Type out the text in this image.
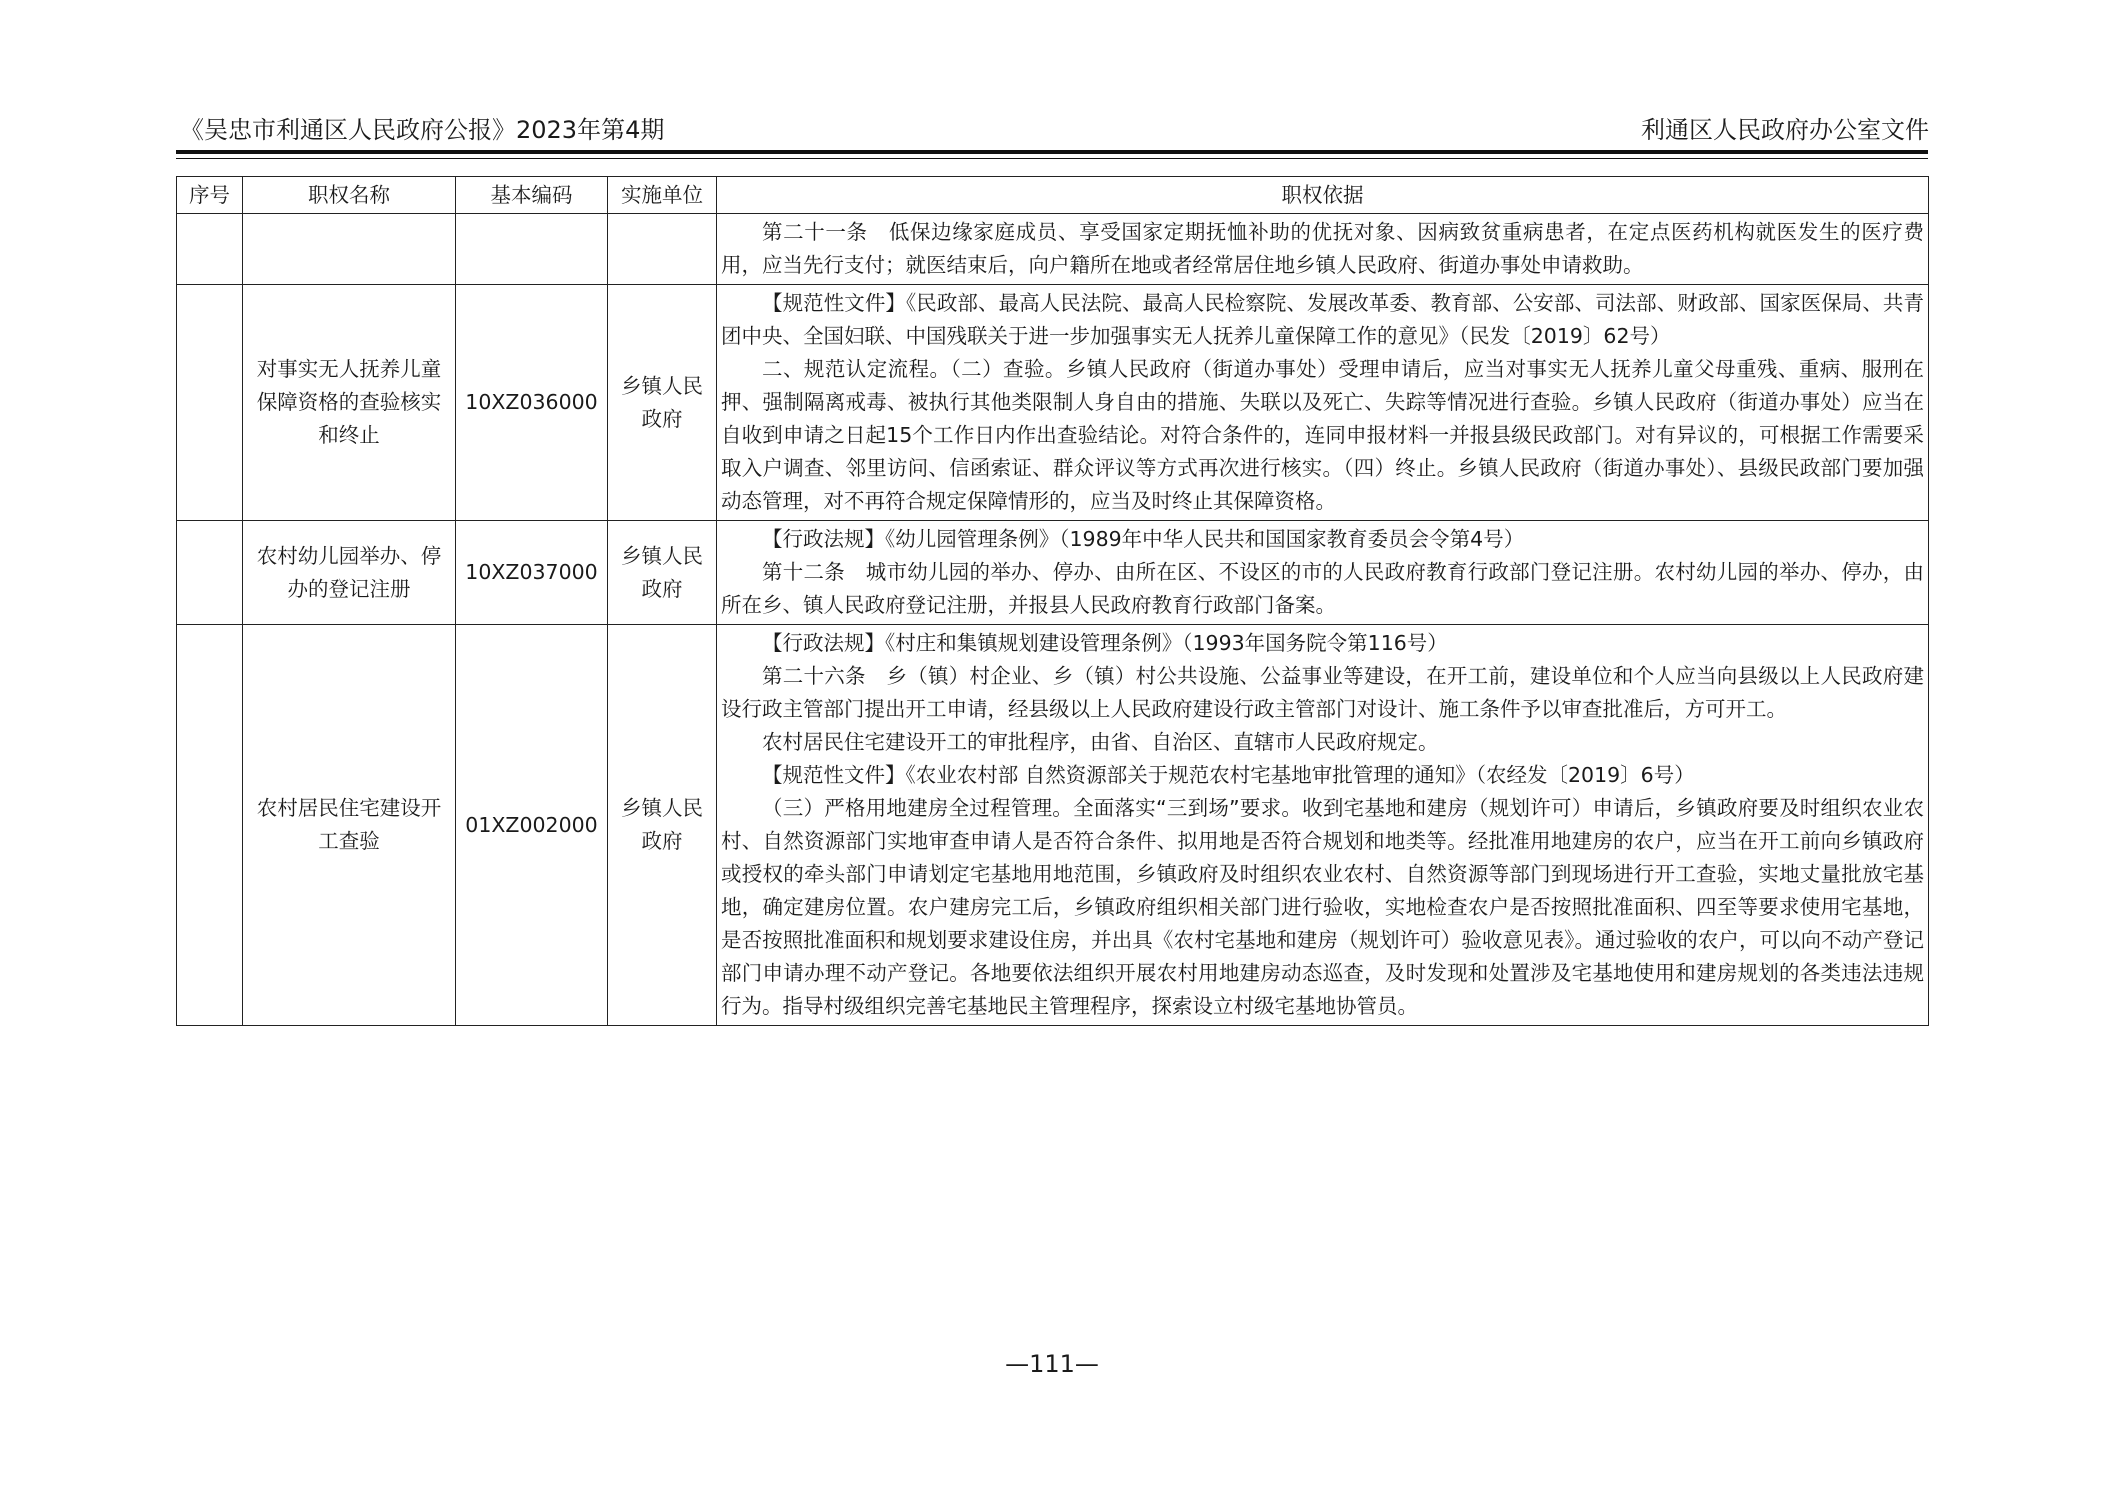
《吴忠市利通区人民政府公报》2023年第4期	利通区人民政府办公室文件
序号	职权名称	基本编码	实施单位	职权依据

				第二十一条　低保边缘家庭成员、享受国家定期抚恤补助的优抚对象、因病致贫重病患者，在定点医药机构就医发生的医疗费用，应当先行支付；就医结束后，向户籍所在地或者经常居住地乡镇人民政府、街道办事处申请救助。

	对事实无人抚养儿童保障资格的查验核实和终止	10XZ036000	乡镇人民政府	【规范性文件】《民政部、最高人民法院、最高人民检察院、发展改革委、教育部、公安部、司法部、财政部、国家医保局、共青团中央、全国妇联、中国残联关于进一步加强事实无人抚养儿童保障工作的意见》（民发〔2019〕62号）

二、规范认定流程。（二）查验。乡镇人民政府（街道办事处）受理申请后，应当对事实无人抚养儿童父母重残、重病、服刑在押、强制隔离戒毒、被执行其他类限制人身自由的措施、失联以及死亡、失踪等情况进行查验。乡镇人民政府（街道办事处）应当在自收到申请之日起15个工作日内作出查验结论。对符合条件的，连同申报材料一并报县级民政部门。对有异议的，可根据工作需要采取入户调查、邻里访问、信函索证、群众评议等方式再次进行核实。（四）终止。乡镇人民政府（街道办事处）、县级民政部门要加强动态管理，对不再符合规定保障情形的，应当及时终止其保障资格。

	农村幼儿园举办、停办的登记注册	10XZ037000	乡镇人民政府	【行政法规】《幼儿园管理条例》（1989年中华人民共和国国家教育委员会令第4号）

第十二条　城市幼儿园的举办、停办、由所在区、不设区的市的人民政府教育行政部门登记注册。农村幼儿园的举办、停办，由所在乡、镇人民政府登记注册，并报县人民政府教育行政部门备案。

	农村居民住宅建设开工查验	01XZ002000	乡镇人民政府	【行政法规】《村庄和集镇规划建设管理条例》（1993年国务院令第116号）

第二十六条　乡（镇）村企业、乡（镇）村公共设施、公益事业等建设，在开工前，建设单位和个人应当向县级以上人民政府建设行政主管部门提出开工申请，经县级以上人民政府建设行政主管部门对设计、施工条件予以审查批准后，方可开工。

农村居民住宅建设开工的审批程序，由省、自治区、直辖市人民政府规定。

【规范性文件】《农业农村部 自然资源部关于规范农村宅基地审批管理的通知》（农经发〔2019〕6号）

（三）严格用地建房全过程管理。全面落实“三到场”要求。收到宅基地和建房（规划许可）申请后，乡镇政府要及时组织农业农村、自然资源部门实地审查申请人是否符合条件、拟用地是否符合规划和地类等。经批准用地建房的农户，应当在开工前向乡镇政府或授权的牵头部门申请划定宅基地用地范围，乡镇政府及时组织农业农村、自然资源等部门到现场进行开工查验，实地丈量批放宅基地，确定建房位置。农户建房完工后，乡镇政府组织相关部门进行验收，实地检查农户是否按照批准面积、四至等要求使用宅基地，是否按照批准面积和规划要求建设住房，并出具《农村宅基地和建房（规划许可）验收意见表》。通过验收的农户，可以向不动产登记部门申请办理不动产登记。各地要依法组织开展农村用地建房动态巡查，及时发现和处置涉及宅基地使用和建房规划的各类违法违规行为。指导村级组织完善宅基地民主管理程序，探索设立村级宅基地协管员。

—111—
